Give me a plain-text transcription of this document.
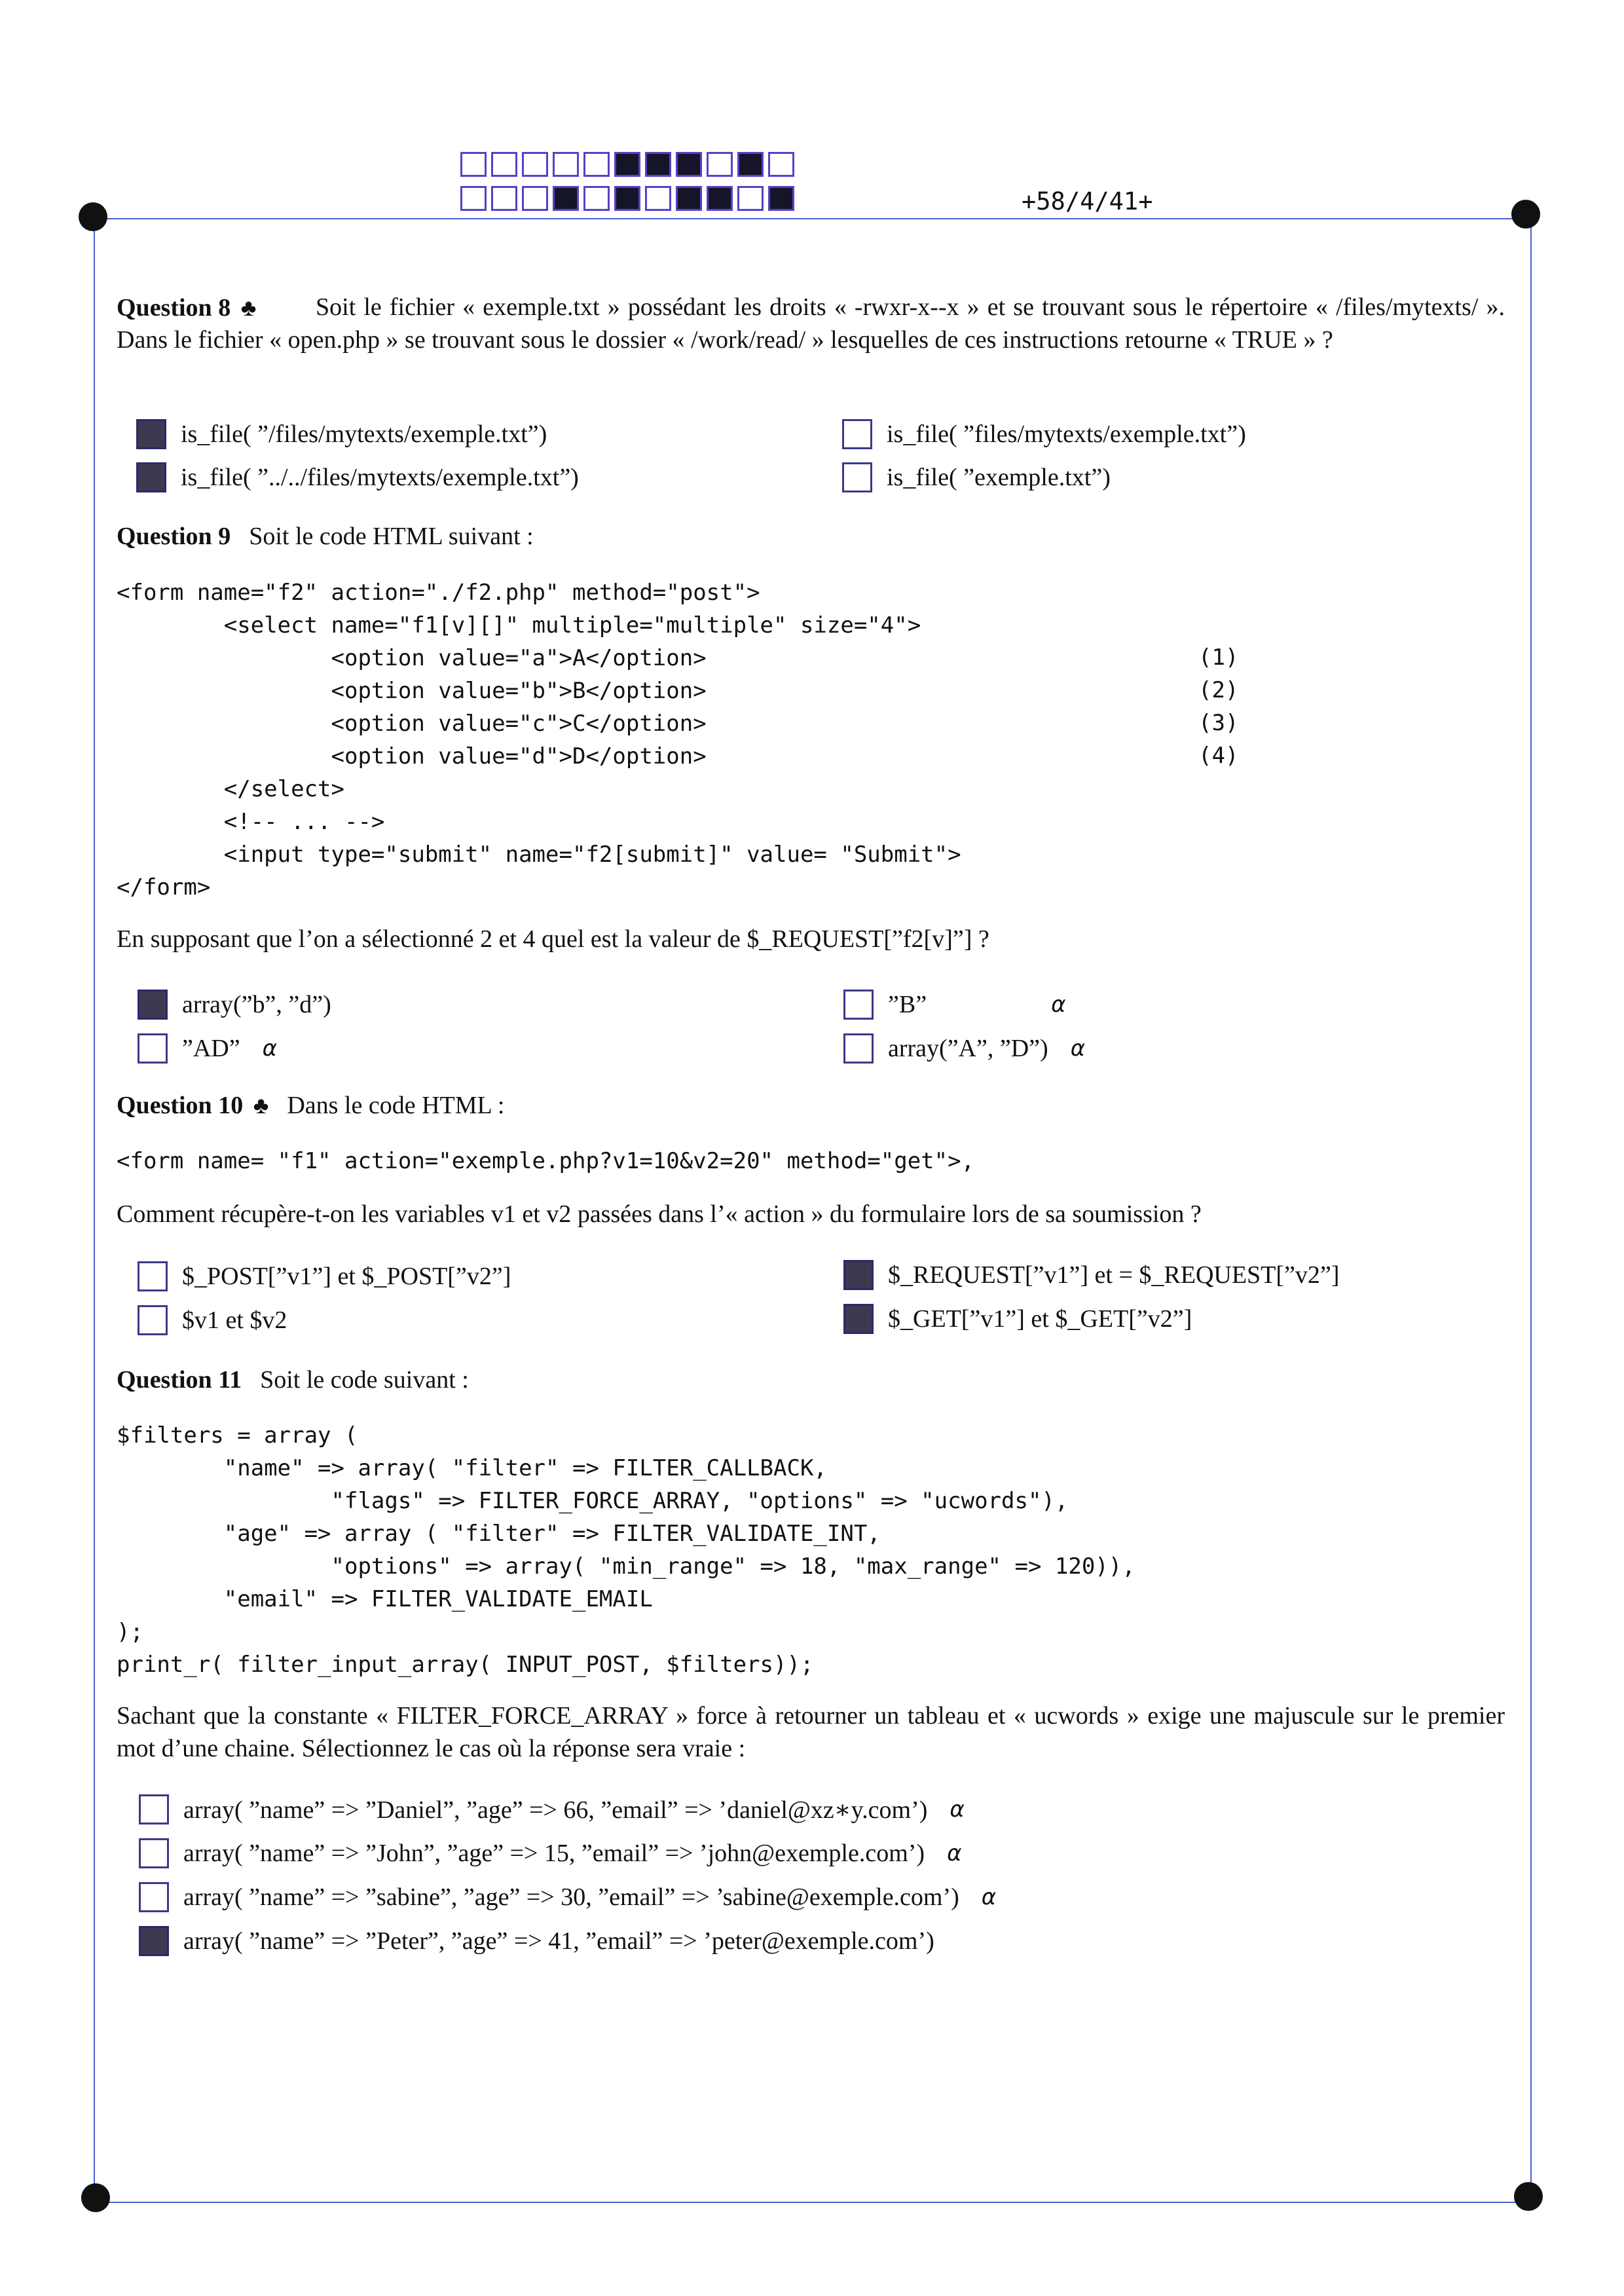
+58/4/41+
Question 8 ♣	Soit le fichier « exemple.txt » possédant les droits « -rwxr-x--x » et se trouvant sous le répertoire « /files/mytexts/ ». Dans le fichier « open.php » se trouvant sous le dossier « /work/read/ » lesquelles de ces instructions retourne « TRUE » ?
is_file( ”/files/mytexts/exemple.txt”)
is_file( ”../../files/mytexts/exemple.txt”)
is_file( ”files/mytexts/exemple.txt”)
is_file( ”exemple.txt”)
Question 9 Soit le code HTML suivant :
<form name="f2" action="./f2.php" method="post">
<select name="f1[v][]" multiple="multiple" size="4">
<option value="a">A</option>
<option value="b">B</option>
<option value="c">C</option>
<option value="d">D</option>
</select>
<!-- ... -->
<input type="submit" name="f2[submit]" value= "Submit">
</form>
(1)
(2)
(3)
(4)
En supposant que l’on a sélectionné 2 et 4 quel est la valeur de $_REQUEST[”f2[v]”] ?
array(”b”, ”d”)
”AD” α
”B”	α
array(”A”, ”D”) α
Question 10 ♣ Dans le code HTML :
<form name= "f1" action="exemple.php?v1=10&v2=20" method="get">,
Comment récupère-t-on les variables v1 et v2 passées dans l’« action » du formulaire lors de sa soumission ?
$_POST[”v1”] et $_POST[”v2”]
$v1 et $v2
$_REQUEST[”v1”] et = $_REQUEST[”v2”]
$_GET[”v1”] et $_GET[”v2”]
Question 11 Soit le code suivant :
$filters = array (
"name" => array( "filter" => FILTER_CALLBACK,
"flags" => FILTER_FORCE_ARRAY, "options" => "ucwords"),
"age" => array ( "filter" => FILTER_VALIDATE_INT,
"options" => array( "min_range" => 18, "max_range" => 120)),
"email" => FILTER_VALIDATE_EMAIL
);
print_r( filter_input_array( INPUT_POST, $filters));
Sachant que la constante « FILTER_FORCE_ARRAY » force à retourner un tableau et « ucwords » exige une majuscule sur le premier mot d’une chaine. Sélectionnez le cas où la réponse sera vraie :
array( ”name” => ”Daniel”, ”age” => 66, ”email” => ’daniel@xz∗y.com’) α
array( ”name” => ”John”, ”age” => 15, ”email” => ’john@exemple.com’) α
array( ”name” => ”sabine”, ”age” => 30, ”email” => ’sabine@exemple.com’) α
array( ”name” => ”Peter”, ”age” => 41, ”email” => ’peter@exemple.com’)
